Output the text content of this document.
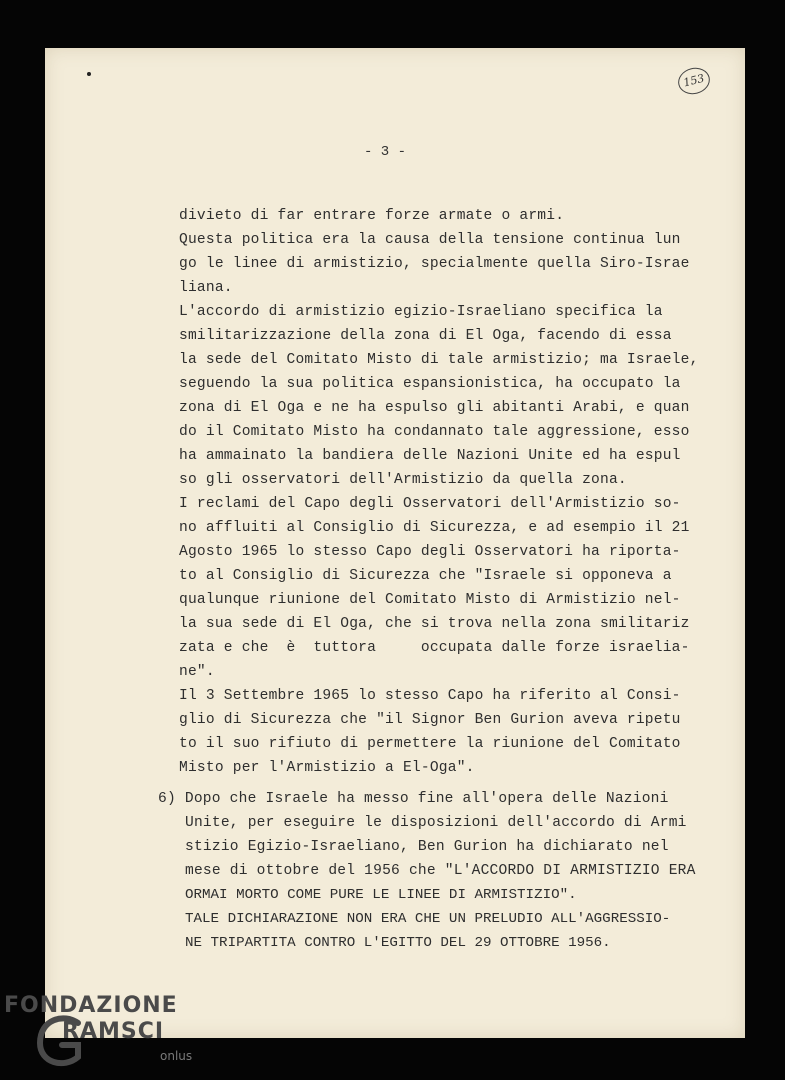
153
- 3 -

divieto di far entrare forze armate o armi.

Questa politica era la causa della tensione continua lun

go le linee di armistizio, specialmente quella Siro-Israe

liana.

L'accordo di armistizio egizio-Israeliano specifica la

smilitarizzazione della zona di El Oga, facendo di essa

la sede del Comitato Misto di tale armistizio; ma Israele,

seguendo la sua politica espansionistica, ha occupato la

zona di El Oga e ne ha espulso gli abitanti Arabi, e quan

do il Comitato Misto ha condannato tale aggressione, esso

ha ammainato la bandiera delle Nazioni Unite ed ha espul

so gli osservatori dell'Armistizio da quella zona.

I reclami del Capo degli Osservatori dell'Armistizio so-

no affluiti al Consiglio di Sicurezza, e ad esempio il 21

Agosto 1965 lo stesso Capo degli Osservatori ha riporta-

to al Consiglio di Sicurezza che "Israele si opponeva a

qualunque riunione del Comitato Misto di Armistizio nel-

la sua sede di El Oga, che si trova nella zona smilitariz

zata e che  è  tuttora     occupata dalle forze israelia-

ne".

Il 3 Settembre 1965 lo stesso Capo ha riferito al Consi-

glio di Sicurezza che "il Signor Ben Gurion aveva ripetu

to il suo rifiuto di permettere la riunione del Comitato

Misto per l'Armistizio a El-Oga".

6) Dopo che Israele ha messo fine all'opera delle Nazioni

Unite, per eseguire le disposizioni dell'accordo di Armi

stizio Egizio-Israeliano, Ben Gurion ha dichiarato nel

mese di ottobre del 1956 che "L'ACCORDO DI ARMISTIZIO ERA

ORMAI MORTO COME PURE LE LINEE DI ARMISTIZIO".

TALE DICHIARAZIONE NON ERA CHE UN PRELUDIO ALL'AGGRESSIO-

NE TRIPARTITA CONTRO L'EGITTO DEL 29 OTTOBRE 1956.

FONDAZIONE
RAMSCI
onlus
